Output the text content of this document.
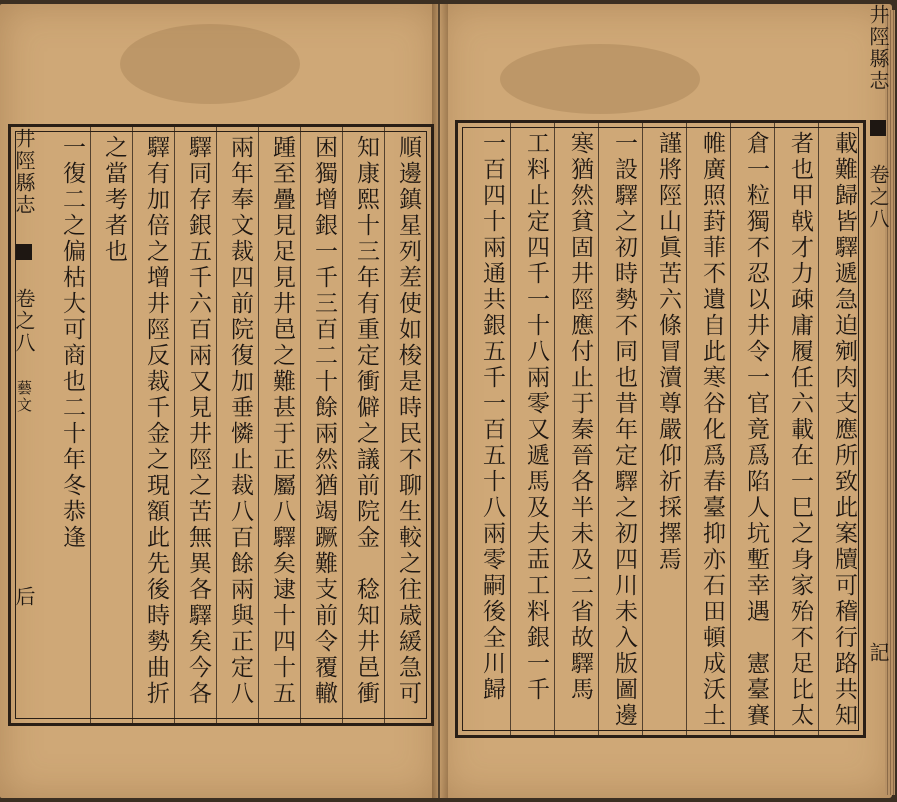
順邊鎮星列差使如梭是時民不聊生較之往歳緩急可
知康熙十三年有重定衝僻之議前院金　稔知井邑衝
困獨增銀一千三百二十餘兩然猶竭蹶難支前令覆轍
踵至疊見足見井邑之難甚于正屬八驛矣逮十四十五
兩年奉文裁四前院復加垂憐止裁八百餘兩與正定八
驛同存銀五千六百兩又見井陘之苦無異各驛矣今各
驛有加倍之增井陘反裁千金之現額此先後時勢曲折
之當考者也
一復二之偏枯大可商也二十年冬恭逢
井陘縣志  卷之八 藝文  后	載難歸皆驛遞急迫剜肉支應所致此案牘可稽行路共知
者也甲戟才力疎庸履任六載在一巳之身家殆不足比太
倉一粒獨不忍以井令一官竟爲陷人坑塹幸遇　憲臺賽
帷廣照葑菲不遺自此寒谷化爲春臺抑亦石田頓成沃土
謹將陘山眞苦六條冒瀆尊嚴仰祈採擇焉
一設驛之初時勢不同也昔年定驛之初四川未入版圖邊
寒猶然貧固井陘應付止于秦晉各半未及二省故驛馬
工料止定四千一十八兩零又遞馬及夫㿻工料銀一千
一百四十兩通共銀五千一百五十八兩零嗣後全川歸
井陘縣志  卷之八  記
